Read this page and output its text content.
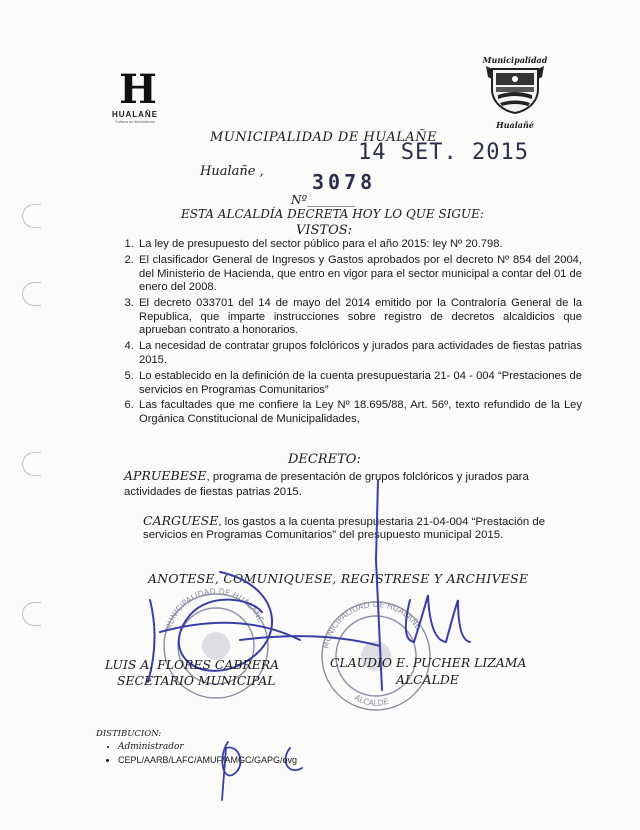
H
HUALAÑE
Cultura en Movimiento
Municipalidad
Hualañé
MUNICIPALIDAD DE HUALAÑE
14 SET. 2015
Hualañe , 3078
Nº________
ESTA ALCALDÍA DECRETA HOY LO QUE SIGUE:
VISTOS:
1. La ley de presupuesto del sector público para el año 2015: ley Nº 20.798.
2. El clasificador General de Ingresos y Gastos aprobados por el decreto Nº 854 del 2004, del Ministerio de Hacienda, que entro en vigor para el sector municipal a contar del 01 de enero del 2008.
3. El decreto 033701 del 14 de mayo del 2014 emitido por la Contraloría General de la Republica, que imparte instrucciones sobre registro de decretos alcaldicios que aprueban contrato a honorarios.
4. La necesidad de contratar grupos folclóricos y jurados para actividades de fiestas patrias 2015.
5. Lo establecido en la definición de la cuenta presupuestaria 21- 04 - 004 “Prestaciones de servicios en Programas Comunitarios”
6. Las facultades que me confiere la Ley Nº 18.695/88, Art. 56º, texto refundido de la Ley Orgánica Constitucional de Municipalidades,
DECRETO:
APRUEBESE, programa de presentación de grupos folclóricos y jurados para actividades de fiestas patrias 2015.
CARGUESE, los gastos a la cuenta presupuestaria 21-04-004 “Prestación de servicios en Programas Comunitarios” del presupuesto municipal 2015.
ANOTESE, COMUNIQUESE, REGISTRESE Y ARCHIVESE
MUNICIPALIDAD DE HUALAÑE
MUNICIPALIDAD DE HUALAÑE
ALCALDE
LUIS A. FLORES CABRERA
SECETARIO MUNICIPAL
CLAUDIO E. PUCHER LIZAMA
ALCALDE
DISTIBUCION:
• Administrador
• CEPL/AARB/LAFC/AMUF/AMGC/GAPG/ovg
